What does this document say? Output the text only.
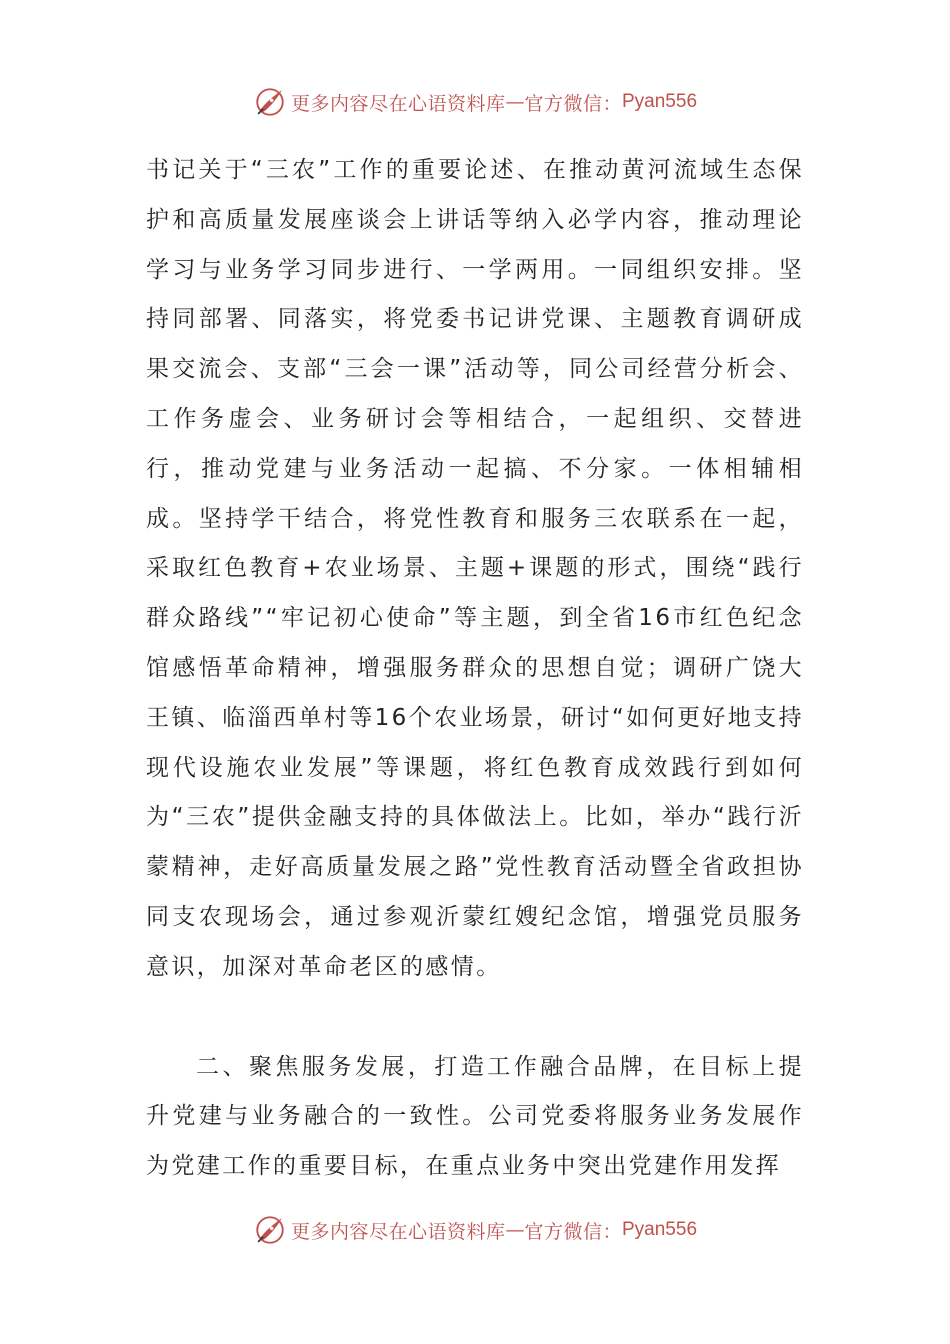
更多内容尽在心语资料库 — 官方微信： Pyan556

书记关于“三农”工作的重要论述、在推动黄河流域生态保护和高质量发展座谈会上讲话等纳入必学内容，推动理论学习与业务学习同步进行、一学两用。一同组织安排。坚持同部署、同落实，将党委书记讲党课、主题教育调研成果交流会、支部“三会一课”活动等，同公司经营分析会、工作务虚会、业务研讨会等相结合，一起组织、交替进行，推动党建与业务活动一起搞、不分家。一体相辅相成。坚持学干结合，将党性教育和服务三农联系在一起，采取红色教育+农业场景、主题+课题的形式，围绕“践行群众路线”“牢记初心使命”等主题，到全省16市红色纪念馆感悟革命精神，增强服务群众的思想自觉；调研广饶大王镇、临淄西单村等16个农业场景，研讨“如何更好地支持现代设施农业发展”等课题，将红色教育成效践行到如何为“三农”提供金融支持的具体做法上。比如，举办“践行沂蒙精神，走好高质量发展之路”党性教育活动暨全省政担协同支农现场会，通过参观沂蒙红嫂纪念馆，增强党员服务意识，加深对革命老区的感情。

二、聚焦服务发展，打造工作融合品牌，在目标上提升党建与业务融合的一致性。公司党委将服务业务发展作为党建工作的重要目标，在重点业务中突出党建作用发挥

更多内容尽在心语资料库 — 官方微信： Pyan556
